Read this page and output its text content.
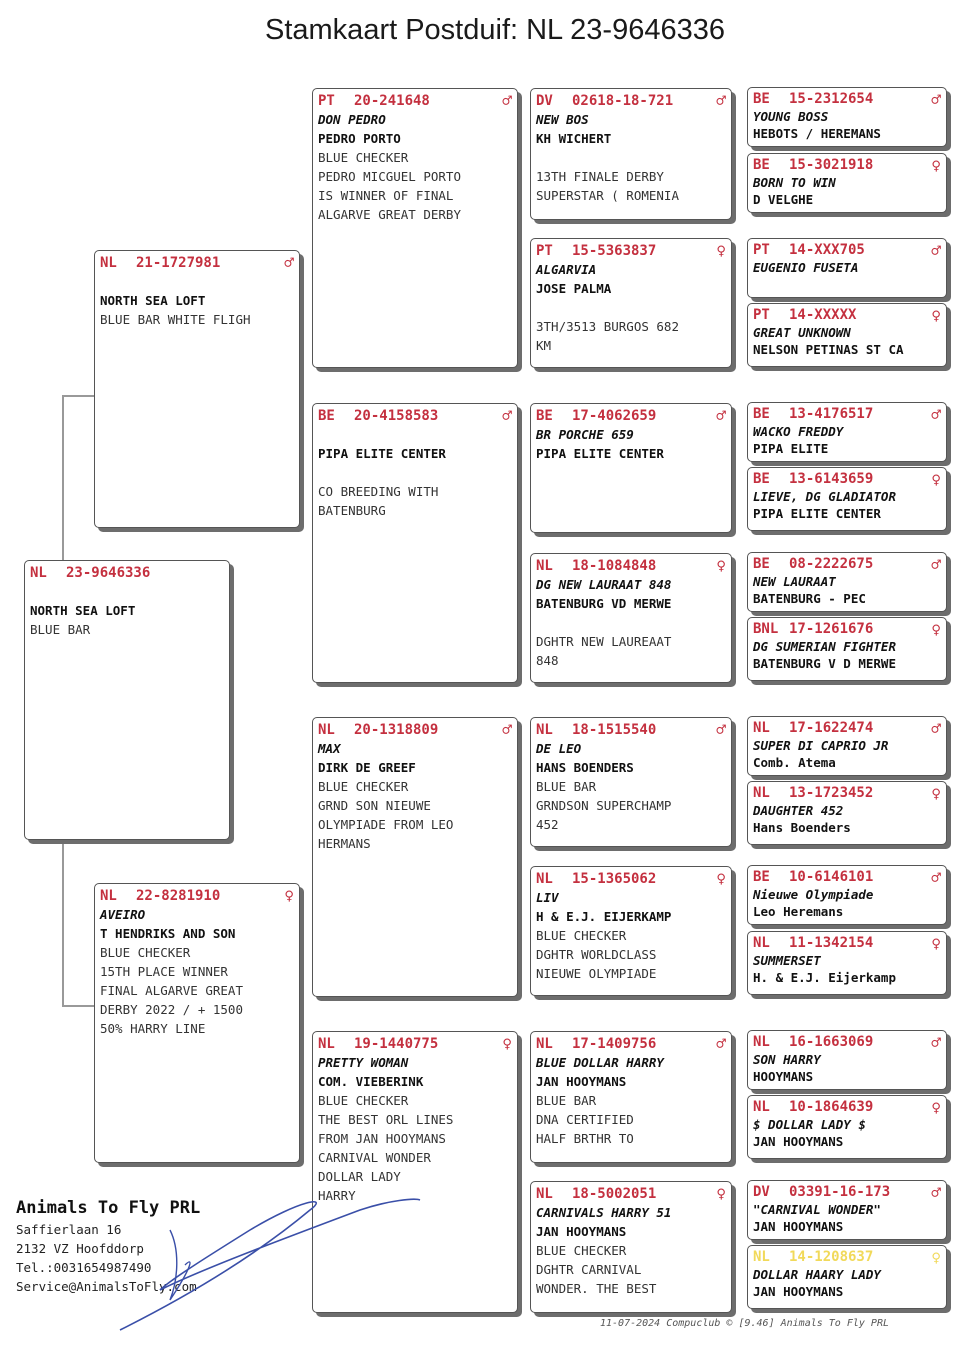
Stamkaart Postduif: NL 23-9646336
NL 23-9646336
NORTH SEA LOFT
BLUE BAR
NL 21-1727981	♂
NORTH SEA LOFT
BLUE BAR WHITE FLIGH
NL 22-8281910	♀
AVEIRO
T HENDRIKS AND SON
BLUE CHECKER
15TH PLACE WINNER
FINAL ALGARVE GREAT
DERBY 2022 / + 1500
50% HARRY LINE
PT 20-241648	♂
DON PEDRO
PEDRO PORTO
BLUE CHECKER
PEDRO MICGUEL PORTO
IS WINNER OF FINAL
ALGARVE GREAT DERBY
BE 20-4158583	♂
PIPA ELITE CENTER
CO BREEDING WITH
BATENBURG
NL 20-1318809	♂
MAX
DIRK DE GREEF
BLUE CHECKER
GRND SON NIEUWE
OLYMPIADE FROM LEO
HERMANS
NL 19-1440775	♀
PRETTY WOMAN
COM. VIEBERINK
BLUE CHECKER
THE BEST ORL LINES
FROM JAN HOOYMANS
CARNIVAL WONDER
DOLLAR LADY
HARRY
DV 02618-18-721	♂
NEW BOS
KH WICHERT
13TH FINALE DERBY
SUPERSTAR ( ROMENIA
PT 15-5363837	♀
ALGARVIA
JOSE PALMA
3TH/3513 BURGOS 682
KM
BE 17-4062659	♂
BR PORCHE 659
PIPA ELITE CENTER
NL 18-1084848	♀
DG NEW LAURAAT 848
BATENBURG VD MERWE
DGHTR NEW LAUREAAT
848
NL 18-1515540	♂
DE LEO
HANS BOENDERS
BLUE BAR
GRNDSON SUPERCHAMP
452
NL 15-1365062	♀
LIV
H & E.J. EIJERKAMP
BLUE CHECKER
DGHTR WORLDCLASS
NIEUWE OLYMPIADE
NL 17-1409756	♂
BLUE DOLLAR HARRY
JAN HOOYMANS
BLUE BAR
DNA CERTIFIED
HALF BRTHR TO
NL 18-5002051	♀
CARNIVALS HARRY 51
JAN HOOYMANS
BLUE CHECKER
DGHTR CARNIVAL
WONDER. THE BEST
BE 15-2312654	♂
YOUNG BOSS
HEBOTS / HEREMANS
BE 15-3021918	♀
BORN TO WIN
D VELGHE
PT 14-XXX705	♂
EUGENIO FUSETA
PT 14-XXXXX	♀
GREAT UNKNOWN
NELSON PETINAS ST CA
BE 13-4176517	♂
WACKO FREDDY
PIPA ELITE
BE 13-6143659	♀
LIEVE, DG GLADIATOR
PIPA ELITE CENTER
BE 08-2222675	♂
NEW LAURAAT
BATENBURG - PEC
BNL 17-1261676	♀
DG SUMERIAN FIGHTER
BATENBURG V D MERWE
NL 17-1622474	♂
SUPER DI CAPRIO JR
Comb. Atema
NL 13-1723452	♀
DAUGHTER 452
Hans Boenders
BE 10-6146101	♂
Nieuwe Olympiade
Leo Heremans
NL 11-1342154	♀
SUMMERSET
H. & E.J. Eijerkamp
NL 16-1663069	♂
SON HARRY
HOOYMANS
NL 10-1864639	♀
$ DOLLAR LADY $
JAN HOOYMANS
DV 03391-16-173	♂
"CARNIVAL WONDER"
JAN HOOYMANS
NL 14-1208637	♀
DOLLAR HAARY LADY
JAN HOOYMANS
Animals To Fly PRL
Saffierlaan 16
2132 VZ Hoofddorp
Tel.:0031654987490
Service@AnimalsToFly.com
11-07-2024 Compuclub © [9.46] Animals To Fly PRL
